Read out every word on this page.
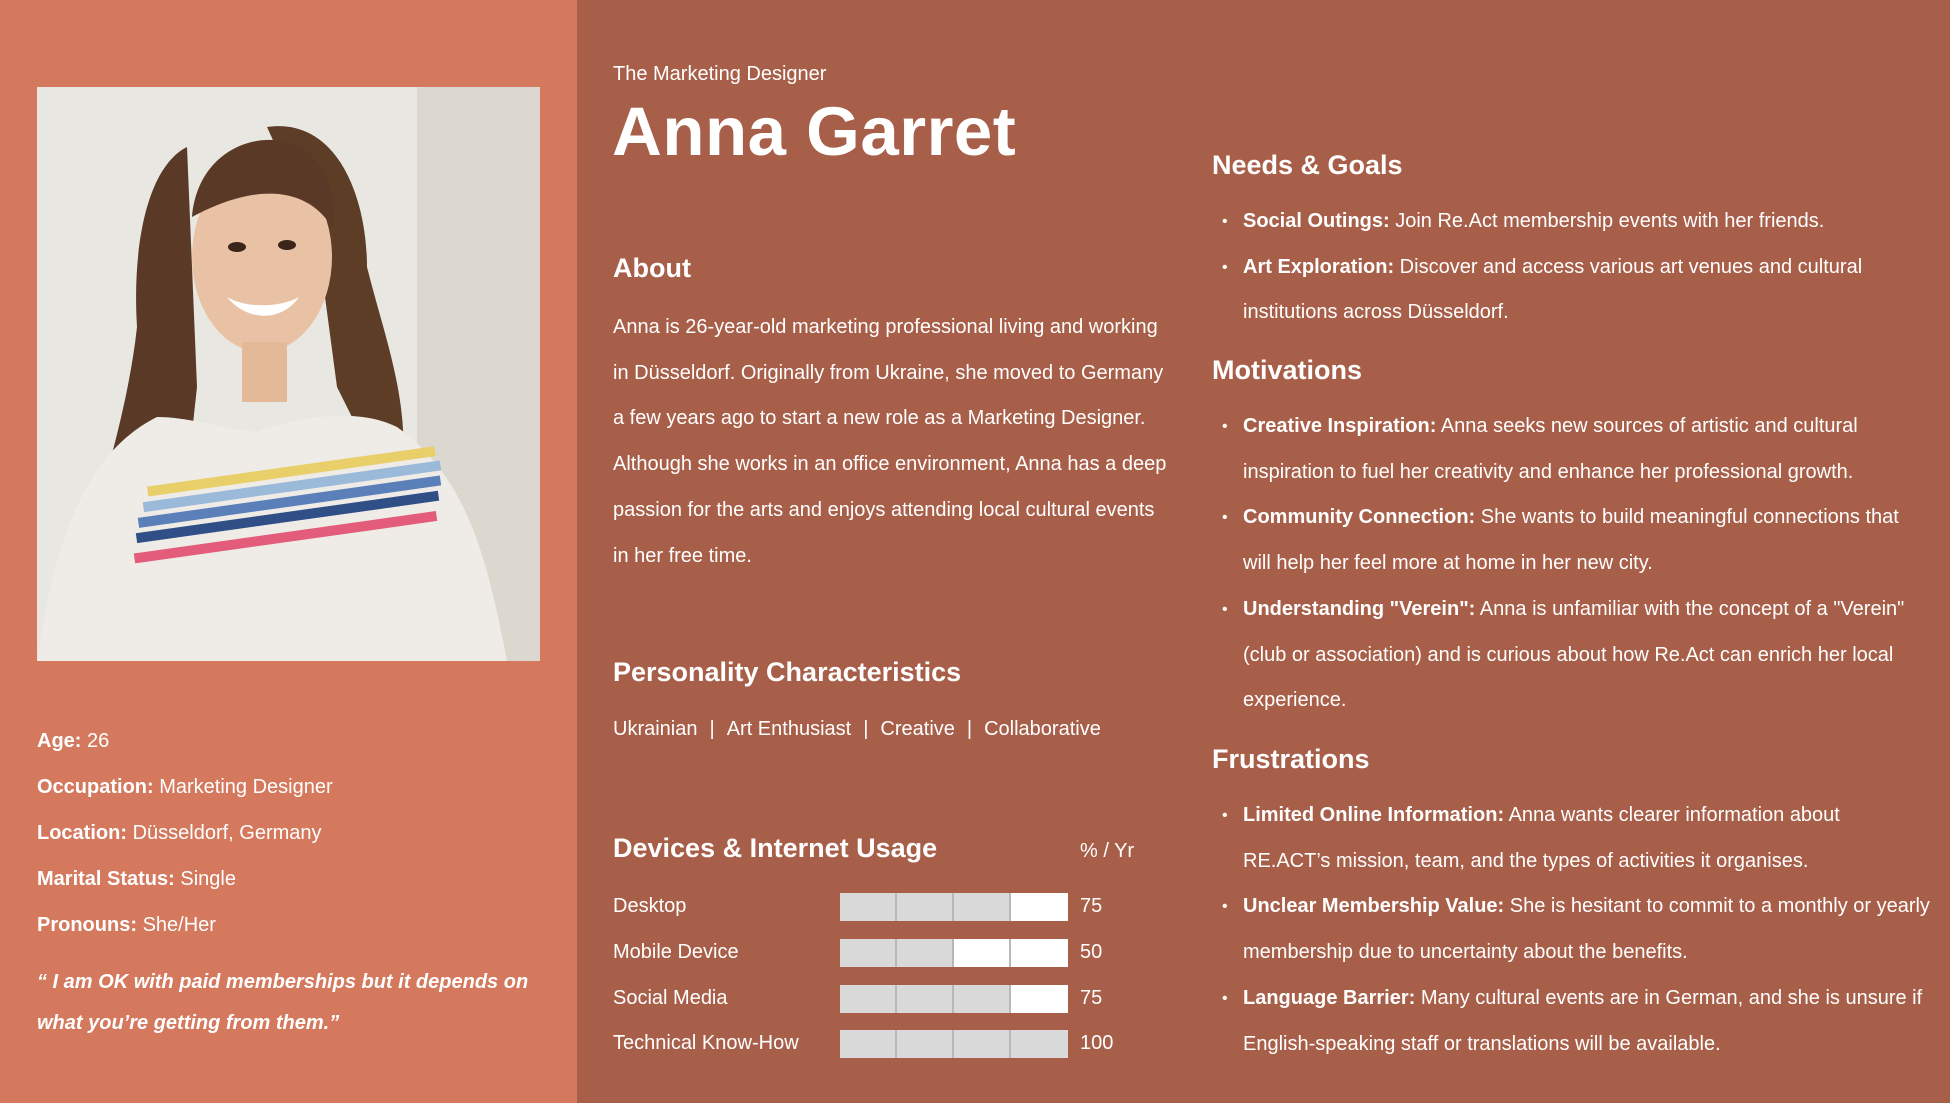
Age: 26
Occupation: Marketing Designer
Location: Düsseldorf, Germany
Marital Status: Single
Pronouns: She/Her
“ I am OK with paid memberships but it depends on
what you’re getting from them.”
The Marketing Designer
Anna Garret
About
Anna is 26-year-old marketing professional living and working in Düsseldorf. Originally from Ukraine, she moved to Germany a few years ago to start a new role as a Marketing Designer. Although she works in an office environment, Anna has a deep passion for the arts and enjoys attending local cultural events in her free time.
Personality Characteristics
Ukrainian | Art Enthusiast | Creative | Collaborative
Devices & Internet Usage	% / Yr
Desktop	75
Mobile Device	50
Social Media	75
Technical Know-How	100
Needs & Goals
• Social Outings: Join Re.Act membership events with her friends.
• Art Exploration: Discover and access various art venues and cultural institutions across Düsseldorf.
Motivations
• Creative Inspiration: Anna seeks new sources of artistic and cultural inspiration to fuel her creativity and enhance her professional growth.
• Community Connection: She wants to build meaningful connections that will help her feel more at home in her new city.
• Understanding "Verein": Anna is unfamiliar with the concept of a "Verein" (club or association) and is curious about how Re.Act can enrich her local experience.
Frustrations
• Limited Online Information: Anna wants clearer information about RE.ACT’s mission, team, and the types of activities it organises.
• Unclear Membership Value: She is hesitant to commit to a monthly or yearly membership due to uncertainty about the benefits.
• Language Barrier: Many cultural events are in German, and she is unsure if English-speaking staff or translations will be available.
